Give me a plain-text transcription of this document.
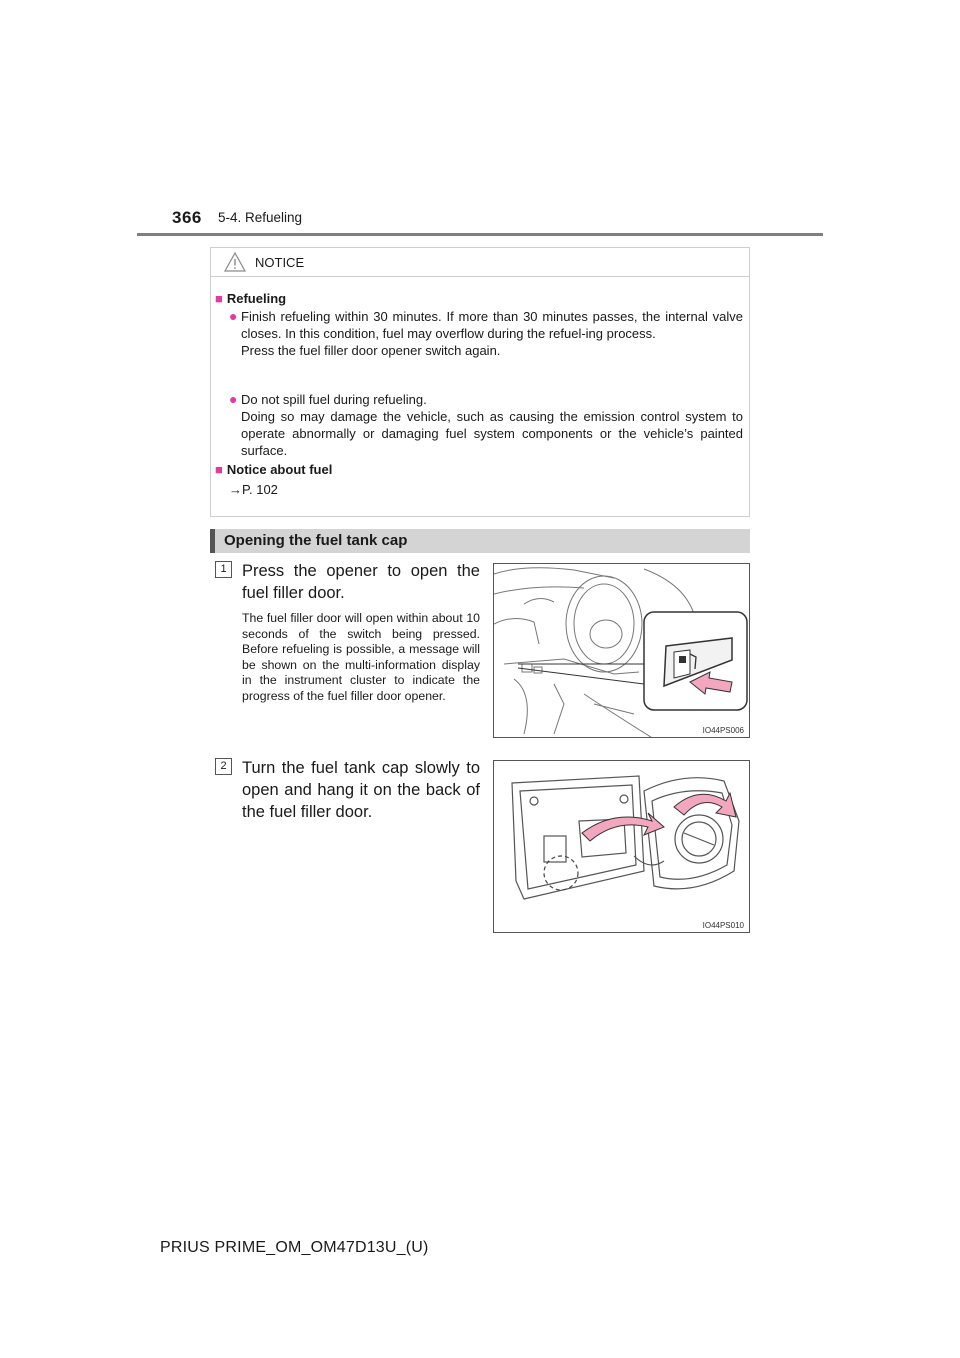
366 5-4. Refueling
NOTICE
■ Refueling
● Finish refueling within 30 minutes. If more than 30 minutes passes, the internal valve closes. In this condition, fuel may overflow during the refuel-ing process.
Press the fuel filler door opener switch again.
● Do not spill fuel during refueling.
Doing so may damage the vehicle, such as causing the emission control system to operate abnormally or damaging fuel system components or the vehicle’s painted surface.
■ Notice about fuel
→P. 102
Opening the fuel tank cap
1 Press the opener to open the fuel filler door.
The fuel filler door will open within about 10 seconds of the switch being pressed. Before refueling is possible, a message will be shown on the multi-information display in the instrument cluster to indicate the progress of the fuel filler door opener.
IO44PS006
2 Turn the fuel tank cap slowly to open and hang it on the back of the fuel filler door.
IO44PS010
PRIUS PRIME_OM_OM47D13U_(U)
